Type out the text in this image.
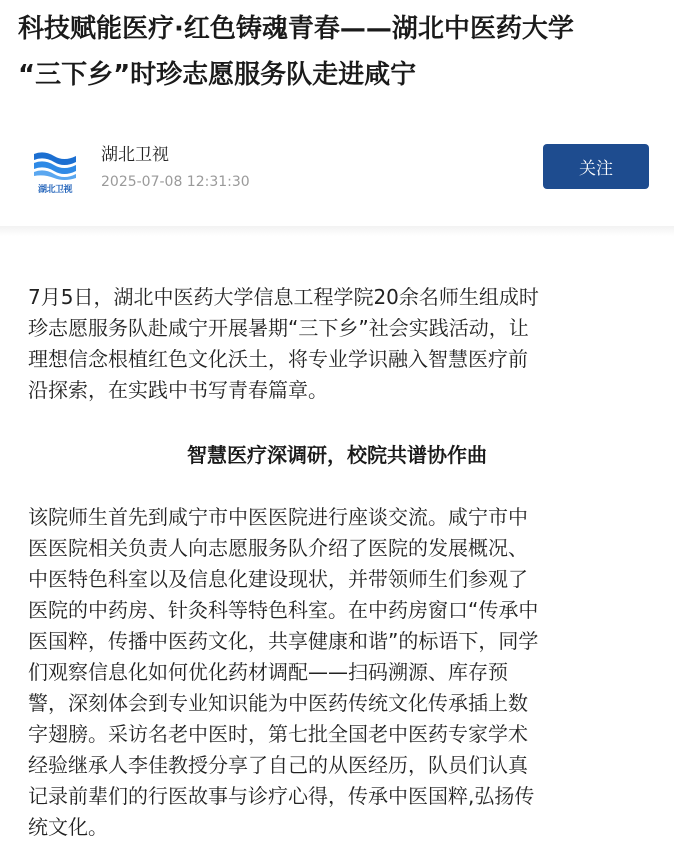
科技赋能医疗·红色铸魂青春——湖北中医药大学
“三下乡”时珍志愿服务队走进咸宁
湖北卫视
湖北卫视
2025-07-08 12:31:30
关注

7月5日，湖北中医药大学信息工程学院20余名师生组成时
珍志愿服务队赴咸宁开展暑期“三下乡”社会实践活动，让
理想信念根植红色文化沃土，将专业学识融入智慧医疗前
沿探索，在实践中书写青春篇章。

智慧医疗深调研，校院共谱协作曲

该院师生首先到咸宁市中医医院进行座谈交流。咸宁市中
医医院相关负责人向志愿服务队介绍了医院的发展概况、
中医特色科室以及信息化建设现状，并带领师生们参观了
医院的中药房、针灸科等特色科室。在中药房窗口“传承中
医国粹，传播中医药文化，共享健康和谐”的标语下，同学
们观察信息化如何优化药材调配——扫码溯源、库存预
警，深刻体会到专业知识能为中医药传统文化传承插上数
字翅膀。采访名老中医时，第七批全国老中医药专家学术
经验继承人李佳教授分享了自己的从医经历，队员们认真
记录前辈们的行医故事与诊疗心得，传承中医国粹,弘扬传
统文化。
